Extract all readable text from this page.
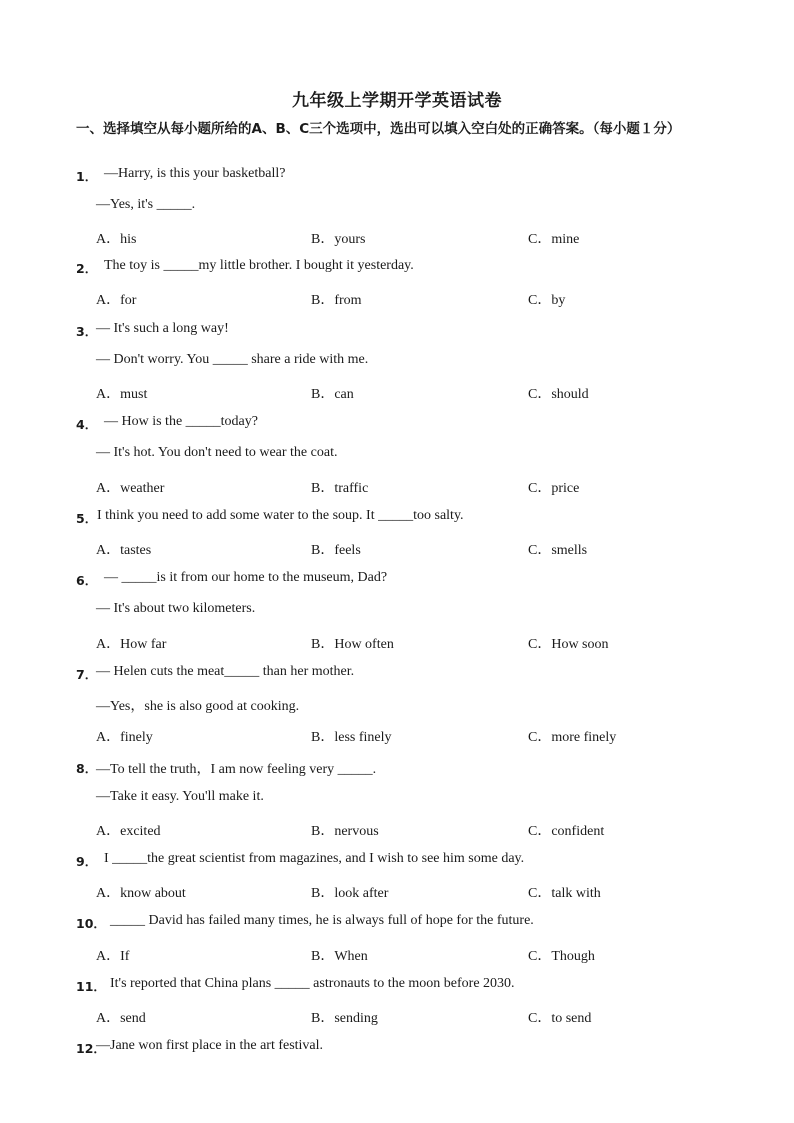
九年级上学期开学英语试卷
一、选择填空从每小题所给的A、B、C三个选项中，选出可以填入空白处的正确答案。（每小题１分）
1． —Harry, is this your basketball?
—Yes, it's _____.
A．his	B．yours	C．mine
2． The toy is _____my little brother. I bought it yesterday.
A．for	B．from	C．by
3．
— It's such a long way!
— Don't worry. You _____ share a ride with me.
A．must	B．can	C．should
4． — How is the _____today?
— It's hot. You don't need to wear the coat.
A．weather	B．traffic	C．price
5． I think you need to add some water to the soup. It _____too salty.
A．tastes	B．feels	C．smells
6． — _____is it from our home to the museum, Dad?
— It's about two kilometers.
A．How far	B．How often	C．How soon
7．
— Helen cuts the meat_____ than her mother.
—Yes，she is also good at cooking.
A．finely	B．less finely	C．more finely
8．
—To tell the truth，I am now feeling very _____.
—Take it easy. You'll make it.
A．excited	B．nervous	C．confident
9． I _____the great scientist from magazines, and I wish to see him some day.
A．know about	B．look after	C．talk with
10． _____ David has failed many times, he is always full of hope for the future.
A．If	B．When	C．Though
11． It's reported that China plans _____ astronauts to the moon before 2030.
A．send	B．sending	C．to send
12．
—Jane won first place in the art festival.
